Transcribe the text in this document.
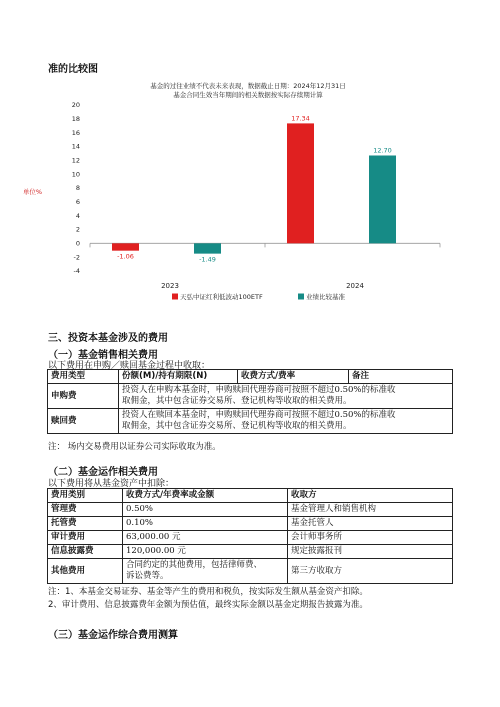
准的比较图
基金的过往业绩不代表未来表现，数据截止日期：2024年12月31日
基金合同生效当年期间的相关数据按实际存续期计算
单位%
20
18
16
14
12
10
8
6
4
2
0
-2
-4
-1.06
17.34
-1.49
12.70
2023	2024
天弘中证红利低波动100ETF	业绩比较基准
三、投资本基金涉及的费用
（一）基金销售相关费用
以下费用在申购／赎回基金过程中收取：
费用类型	份额(M)/持有期限(N)	收费方式/费率	备注
申购费	投资人在申购本基金时，申购赎回代理券商可按照不超过0.50%的标准收
取佣金，其中包含证券交易所、登记机构等收取的相关费用。		

赎回费	投资人在赎回本基金时，申购赎回代理券商可按照不超过0.50%的标准收
取佣金，其中包含证券交易所、登记机构等收取的相关费用。		
注： 场内交易费用以证券公司实际收取为准。
（二）基金运作相关费用
以下费用将从基金资产中扣除：
费用类别	收费方式/年费率或金额	收取方
管理费	0.50%	基金管理人和销售机构
托管费	0.10%	基金托管人
审计费用	63,000.00 元	会计师事务所
信息披露费	120,000.00 元	规定披露报刊
其他费用	合同约定的其他费用，包括律师费、
诉讼费等。	第三方收取方
注：1、本基金交易证券、基金等产生的费用和税负，按实际发生额从基金资产扣除。
2、审计费用、信息披露费年金额为预估值，最终实际金额以基金定期报告披露为准。
（三）基金运作综合费用测算
